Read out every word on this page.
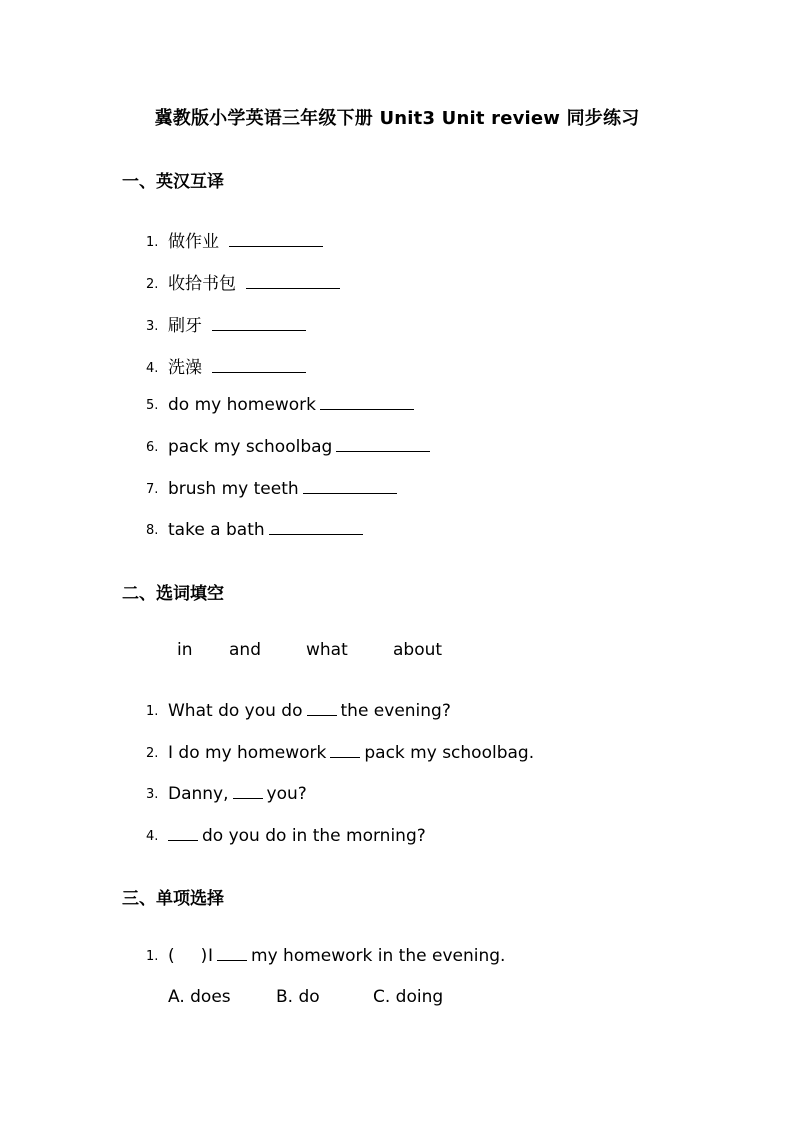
冀教版小学英语三年级下册 Unit3 Unit review 同步练习
一、英汉互译
1. 做作业
2. 收拾书包
3. 刷牙
4. 洗澡
5. do my homework
6. pack my schoolbag
7. brush my teeth
8. take a bath
二、选词填空
in and	what	about
1. What do you do the evening?
2. I do my homework pack my schoolbag.
3. Danny, you?
4.	do you do in the morning?
三、单项选择
1. ( )I my homework in the evening.
A. does	B. do	C. doing
